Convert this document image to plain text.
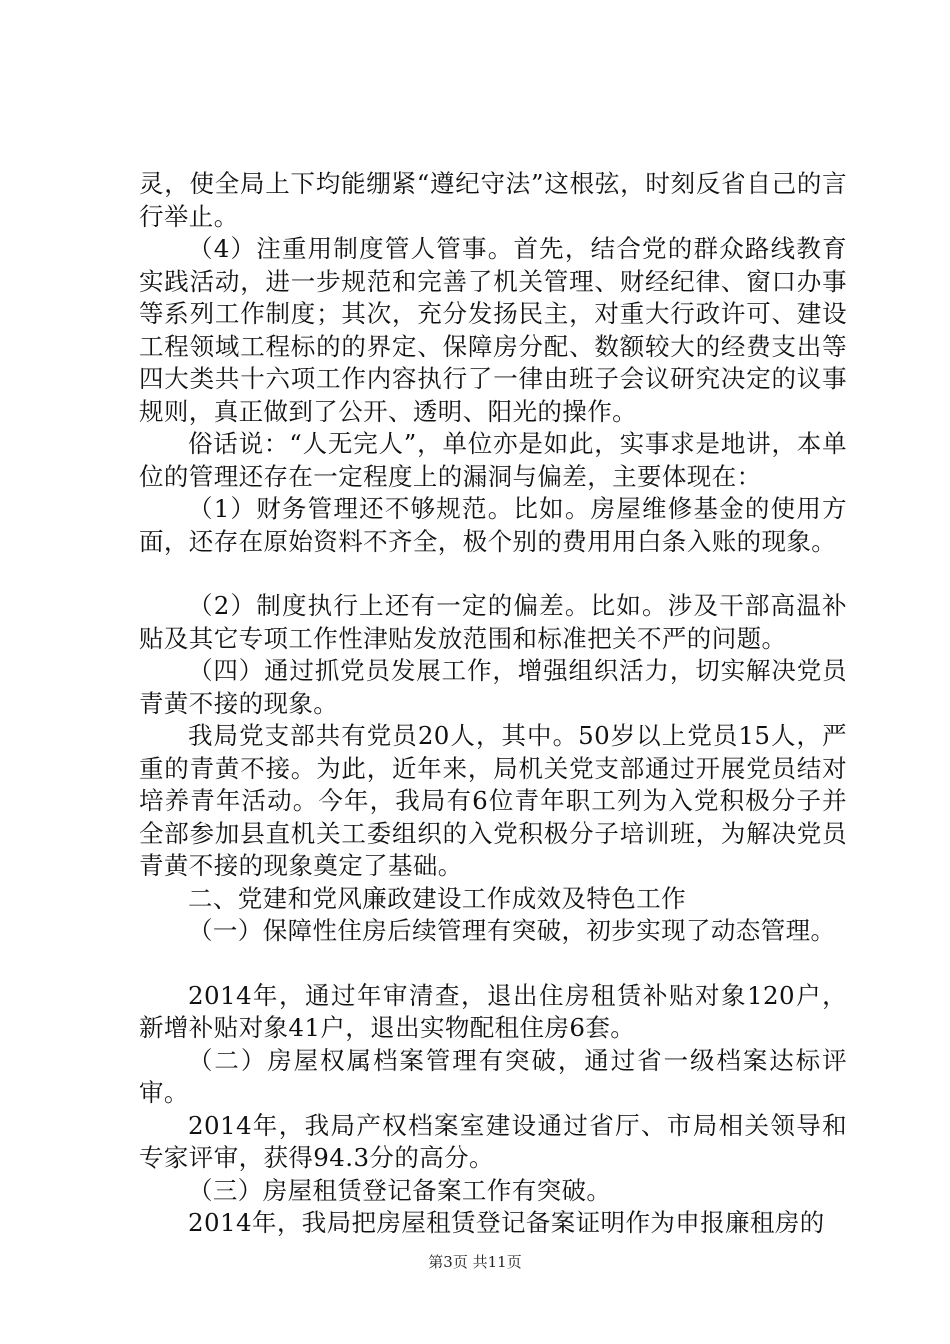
灵，使全局上下均能绷紧“遵纪守法”这根弦，时刻反省自己的言行举止。

（4）注重用制度管人管事。首先，结合党的群众路线教育实践活动，进一步规范和完善了机关管理、财经纪律、窗口办事等系列工作制度；其次，充分发扬民主，对重大行政许可、建设工程领域工程标的的界定、保障房分配、数额较大的经费支出等四大类共十六项工作内容执行了一律由班子会议研究决定的议事规则，真正做到了公开、透明、阳光的操作。

俗话说：“人无完人”，单位亦是如此，实事求是地讲，本单位的管理还存在一定程度上的漏洞与偏差，主要体现在：

（1）财务管理还不够规范。比如。房屋维修基金的使用方面，还存在原始资料不齐全，极个别的费用用白条入账的现象。

（2）制度执行上还有一定的偏差。比如。涉及干部高温补贴及其它专项工作性津贴发放范围和标准把关不严的问题。

（四）通过抓党员发展工作，增强组织活力，切实解决党员青黄不接的现象。

我局党支部共有党员20人，其中。50岁以上党员15人，严重的青黄不接。为此，近年来，局机关党支部通过开展党员结对培养青年活动。今年，我局有6位青年职工列为入党积极分子并全部参加县直机关工委组织的入党积极分子培训班，为解决党员青黄不接的现象奠定了基础。

二、党建和党风廉政建设工作成效及特色工作

（一）保障性住房后续管理有突破，初步实现了动态管理。

2014年，通过年审清查，退出住房租赁补贴对象120户，新增补贴对象41户，退出实物配租住房6套。

（二）房屋权属档案管理有突破，通过省一级档案达标评审。

2014年，我局产权档案室建设通过省厅、市局相关领导和专家评审，获得94.3分的高分。

（三）房屋租赁登记备案工作有突破。

2014年，我局把房屋租赁登记备案证明作为申报廉租房的

第3页 共11页
